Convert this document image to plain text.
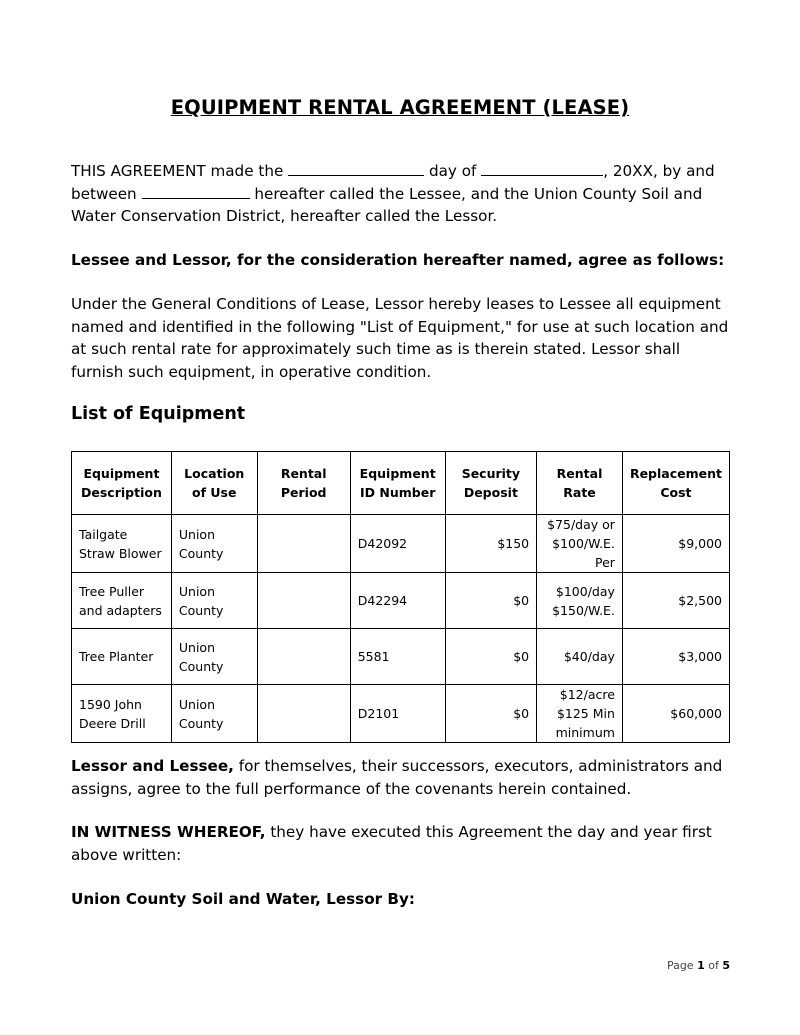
EQUIPMENT RENTAL AGREEMENT (LEASE)
THIS AGREEMENT made the	day of	, 20XX, by and
between	hereafter called the Lessee, and the Union County Soil and
Water Conservation District, hereafter called the Lessor.
Lessee and Lessor, for the consideration hereafter named, agree as follows:
Under the General Conditions of Lease, Lessor hereby leases to Lessee all equipment named and identified in the following "List of Equipment," for use at such location and at such rental rate for approximately such time as is therein stated. Lessor shall furnish such equipment, in operative condition.
List of Equipment
Equipment Description	Location of Use	Rental Period	Equipment ID Number	Security Deposit	Rental Rate	Replacement Cost
Tailgate Straw Blower	Union County		D42092	$150	$75/day or $100/W.E. Per	$9,000
Tree Puller and adapters	Union County		D42294	$0	$100/day $150/W.E.	$2,500
Tree Planter	Union County		5581	$0	$40/day	$3,000
1590 John Deere Drill	Union County		D2101	$0	$12/acre $125 Min minimum	$60,000
Lessor and Lessee, for themselves, their successors, executors, administrators and assigns, agree to the full performance of the covenants herein contained.
IN WITNESS WHEREOF, they have executed this Agreement the day and year first above written:
Union County Soil and Water, Lessor By:
Page 1 of 5
